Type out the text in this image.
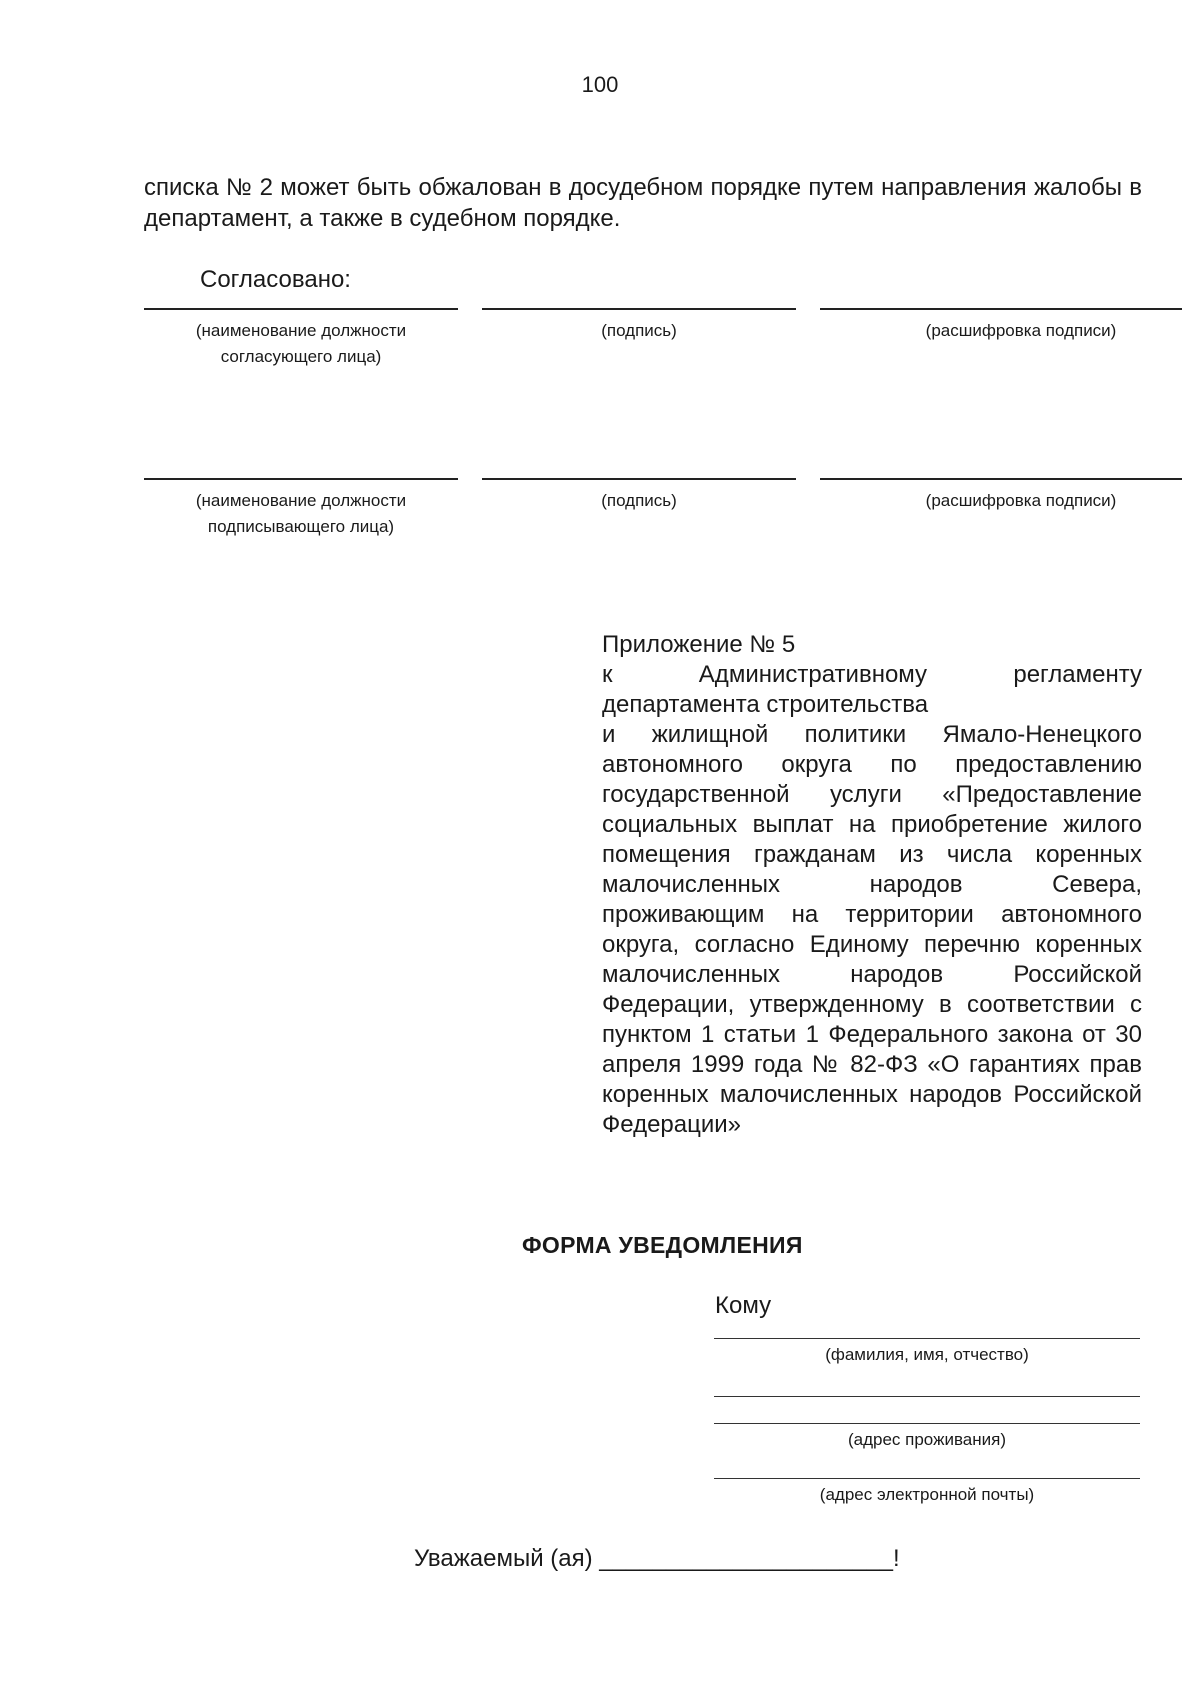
100
списка № 2 может быть обжалован в досудебном порядке путем направления жалобы в департамент, а также в судебном порядке.
Согласовано:
(наименование должности согласующего лица)
(подпись)	(расшифровка подписи)
(наименование должности подписывающего лица)
(подпись)	(расшифровка подписи)
Приложение № 5
к Административному регламенту
департамента строительства
и жилищной политики Ямало-Ненецкого автономного округа по предоставлению государственной услуги «Предоставление социальных выплат на приобретение жилого помещения гражданам из числа коренных малочисленных народов Севера, проживающим на территории автономного округа, согласно Единому перечню коренных малочисленных народов Российской Федерации, утвержденному в соответствии с пунктом 1 статьи 1 Федерального закона от 30 апреля 1999 года № 82-ФЗ «О гарантиях прав коренных малочисленных народов Российской Федерации»
ФОРМА УВЕДОМЛЕНИЯ
Кому
(фамилия, имя, отчество)
(адрес проживания)
(адрес электронной почты)
Уважаемый (ая) ______________________!
